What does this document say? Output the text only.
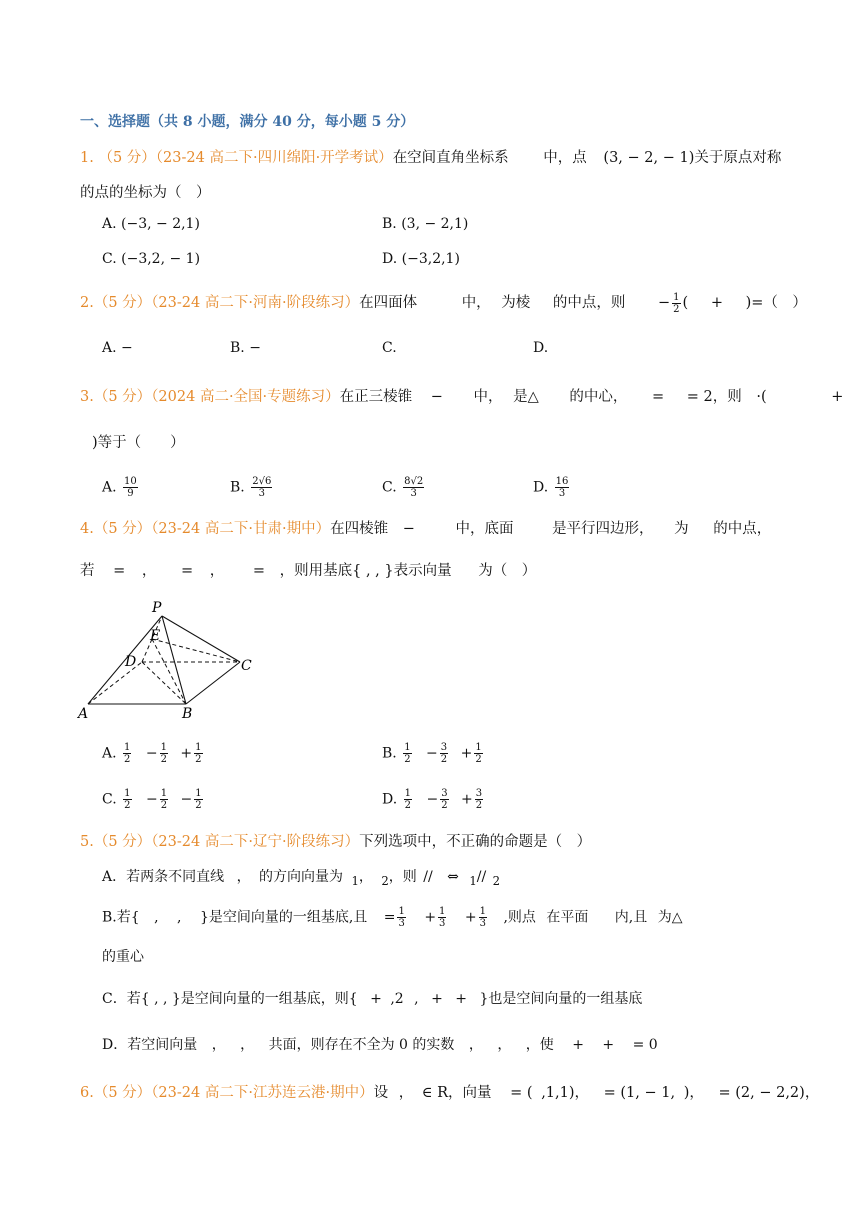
一、选择题（共 8 小题，满分 40 分，每小题 5 分）
1. （5 分）（23-24 高二下·四川绵阳·开学考试）在空间直角坐标系 中，点 (3, − 2, − 1)关于原点对称
的点的坐标为（　）
A. (−3, − 2,1)	B. (3, − 2,1)
C. (−3,2, − 1)	D. (−3,2,1)
2.（5 分）（23-24 高二下·河南·阶段练习）在四面体	中， 为棱 的中点，则 − $\frac{1}{2}$ ( + )=（　）
A. −	B. −	C.	D.
3.（5 分）（2024 高二·全国·专题练习）在正三棱锥 − 中， 是△ 的中心， = = 2，则 ·(	+
)等于（　　）
A. $\frac{10}{9}$	B. $\frac{2√6}{3}$	C. $\frac{8√2}{3}$	D. $\frac{16}{3}$
4.（5 分）（23-24 高二下·甘肃·期中）在四棱锥 −	中，底面	是平行四边形， 为 的中点，
若 = ， = ， = ，则用基底{ , , }表示向量 为（　）
P
E
D	C
A	B
A. $\frac{1}{2} - \frac{1}{2} + \frac{1}{2}$	B. $\frac{1}{2} - \frac{3}{2} + \frac{1}{2}$
C. $\frac{1}{2} - \frac{1}{2} - \frac{1}{2}$	D. $\frac{1}{2} - \frac{3}{2} + \frac{3}{2}$
5.（5 分）（23-24 高二下·辽宁·阶段练习）下列选项中，不正确的命题是（　）
A．若两条不同直线 ， 的方向向量为 $_1$， $_2$，则 // ⇔ $_1$// $_2$
B.若{ , , }是空间向量的一组基底,且 = $\frac{1}{3} + \frac{1}{3} + \frac{1}{3}$ ,则点 在平面 内,且 为△
的重心
C．若{ , , }是空间向量的一组基底，则{ + ,2 , + + }也是空间向量的一组基底
D．若空间向量 ， ， 共面，则存在不全为 0 的实数 ， ， ，使 + + = 0
6.（5 分）（23-24 高二下·江苏连云港·期中）设 ， ∈ R，向量 = ( ,1,1)， = (1, − 1, )， = (2, − 2,2)，
